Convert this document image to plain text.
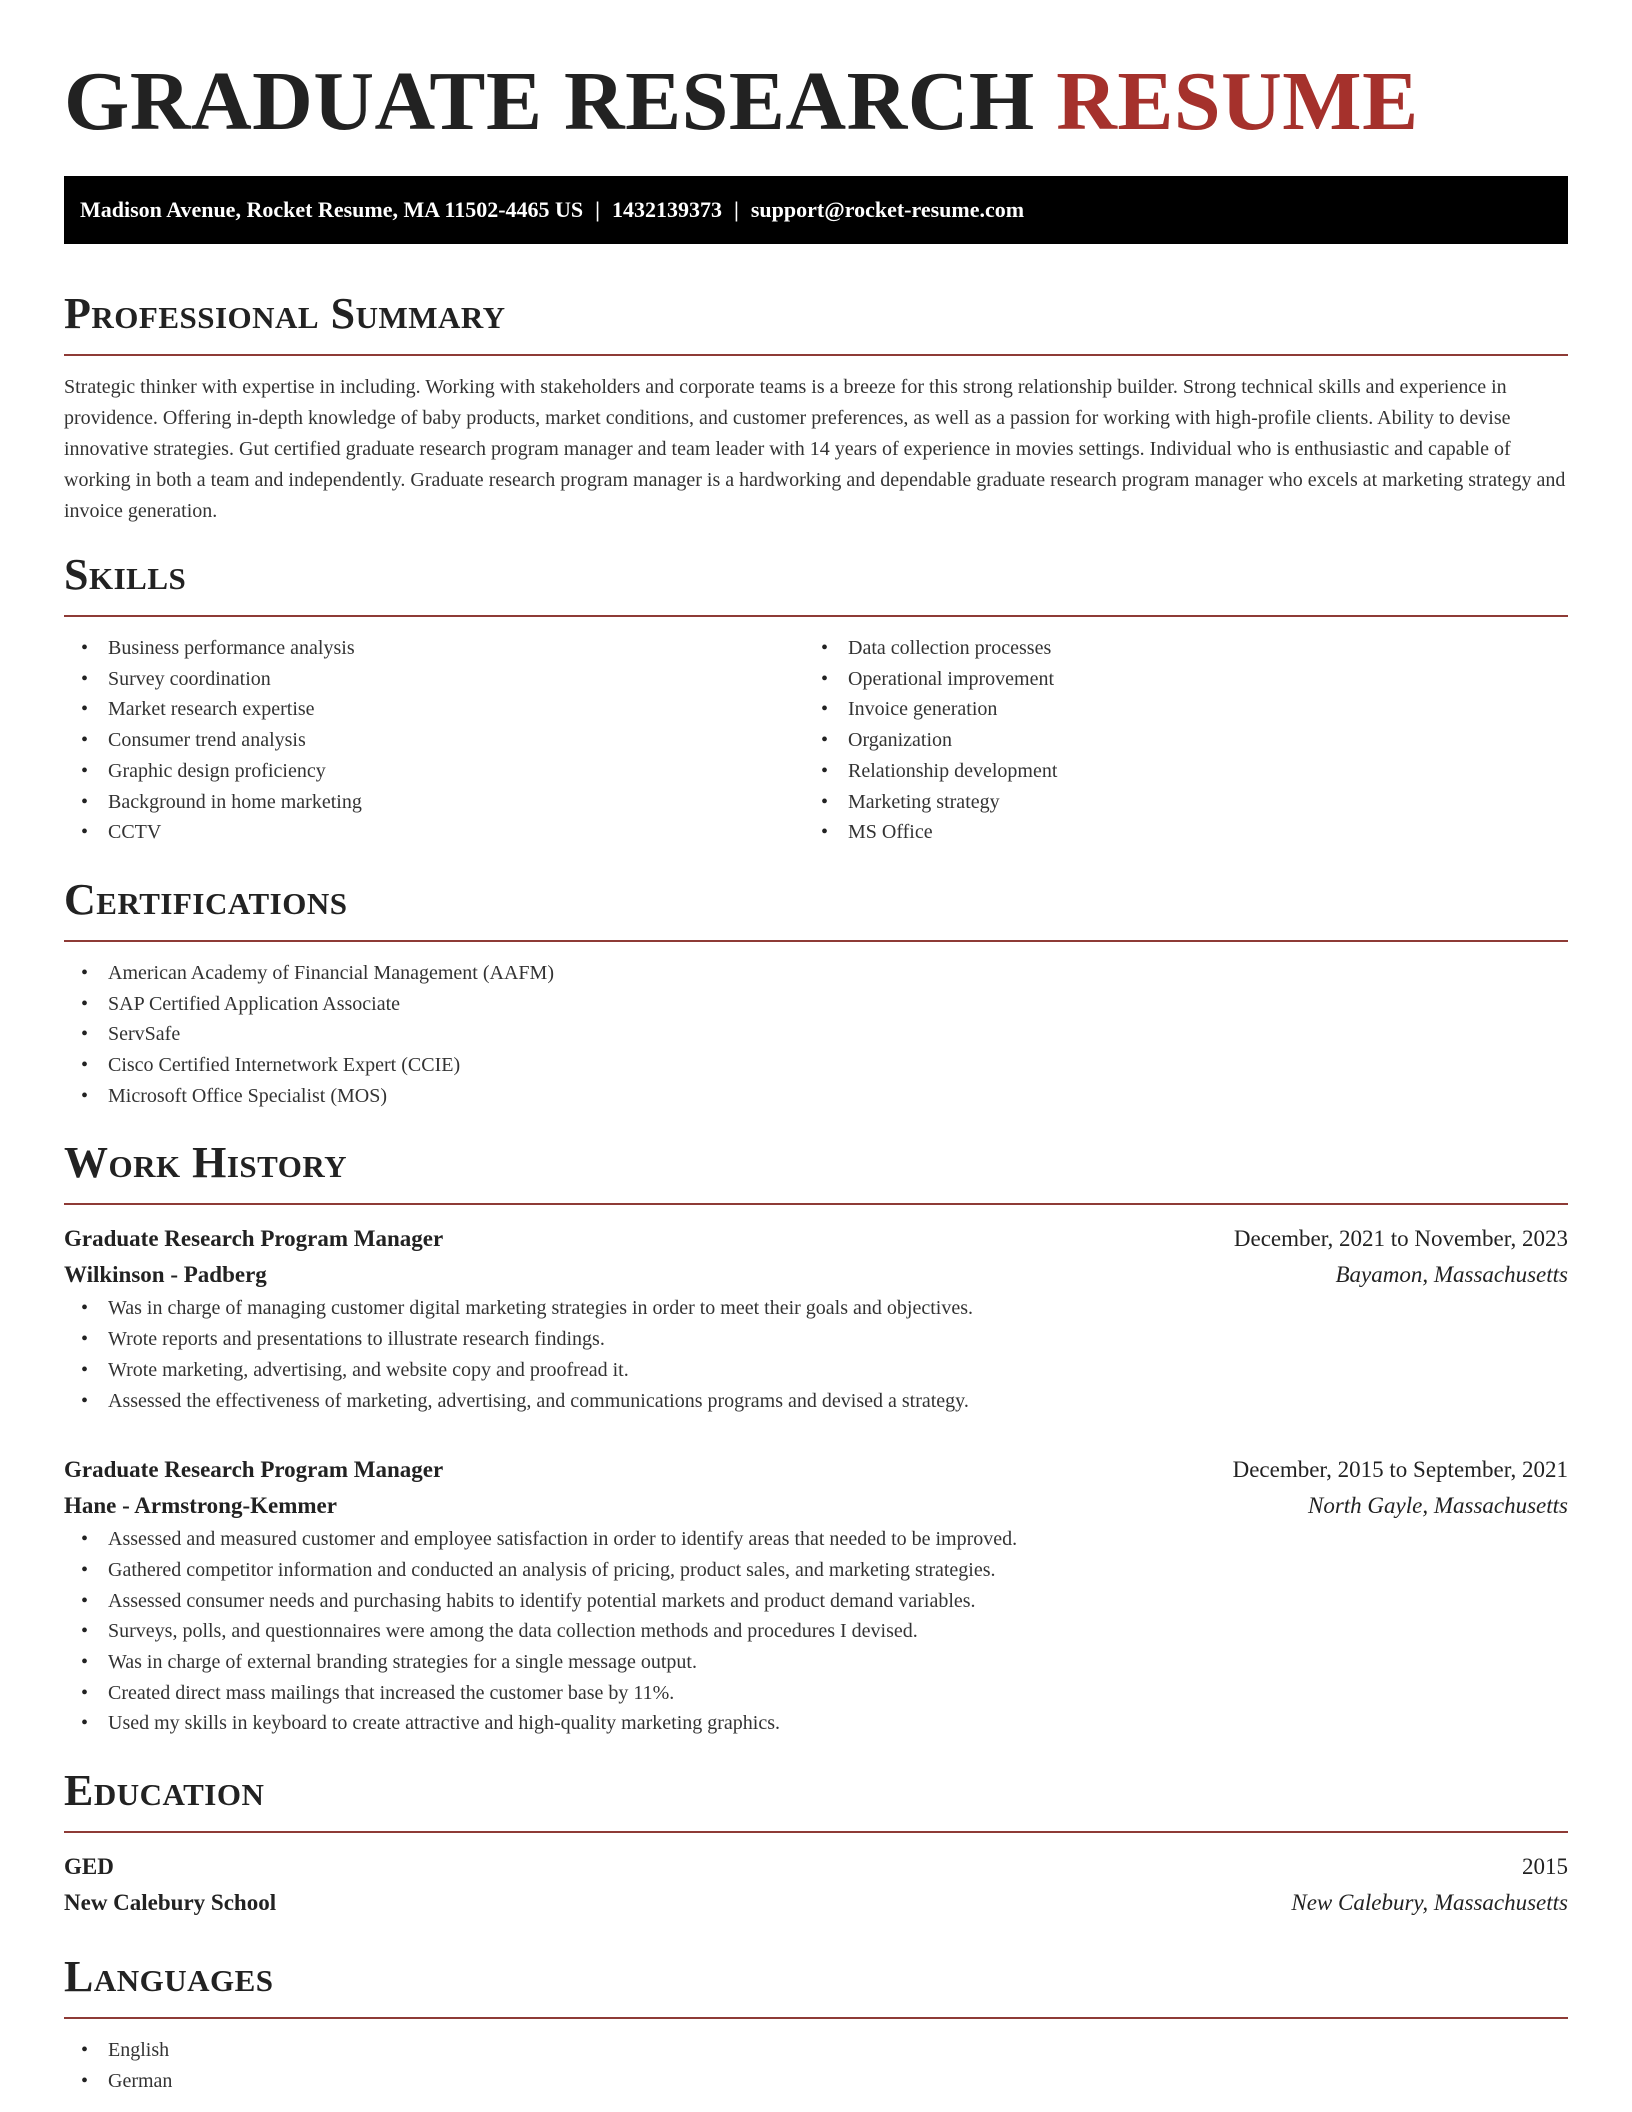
GRADUATE RESEARCH RESUME
Madison Avenue, Rocket Resume, MA 11502-4465 US | 1432139373 | support@rocket-resume.com
Professional Summary

Strategic thinker with expertise in including. Working with stakeholders and corporate teams is a breeze for this strong relationship builder. Strong technical skills and experience in providence. Offering in-depth knowledge of baby products, market conditions, and customer preferences, as well as a passion for working with high-profile clients. Ability to devise innovative strategies. Gut certified graduate research program manager and team leader with 14 years of experience in movies settings. Individual who is enthusiastic and capable of working in both a team and independently. Graduate research program manager is a hardworking and dependable graduate research program manager who excels at marketing strategy and invoice generation.

Skills
• Business performance analysis
• Survey coordination
• Market research expertise
• Consumer trend analysis
• Graphic design proficiency
• Background in home marketing
• CCTV
• Data collection processes
• Operational improvement
• Invoice generation
• Organization
• Relationship development
• Marketing strategy
• MS Office
Certifications
• American Academy of Financial Management (AAFM)
• SAP Certified Application Associate
• ServSafe
• Cisco Certified Internetwork Expert (CCIE)
• Microsoft Office Specialist (MOS)
Work History
Graduate Research Program Manager	December, 2021 to November, 2023
Wilkinson - Padberg	Bayamon, Massachusetts
• Was in charge of managing customer digital marketing strategies in order to meet their goals and objectives.
• Wrote reports and presentations to illustrate research findings.
• Wrote marketing, advertising, and website copy and proofread it.
• Assessed the effectiveness of marketing, advertising, and communications programs and devised a strategy.
Graduate Research Program Manager	December, 2015 to September, 2021
Hane - Armstrong-Kemmer	North Gayle, Massachusetts
• Assessed and measured customer and employee satisfaction in order to identify areas that needed to be improved.
• Gathered competitor information and conducted an analysis of pricing, product sales, and marketing strategies.
• Assessed consumer needs and purchasing habits to identify potential markets and product demand variables.
• Surveys, polls, and questionnaires were among the data collection methods and procedures I devised.
• Was in charge of external branding strategies for a single message output.
• Created direct mass mailings that increased the customer base by 11%.
• Used my skills in keyboard to create attractive and high-quality marketing graphics.
Education
GED	2015
New Calebury School	New Calebury, Massachusetts
Languages
• English
• German
